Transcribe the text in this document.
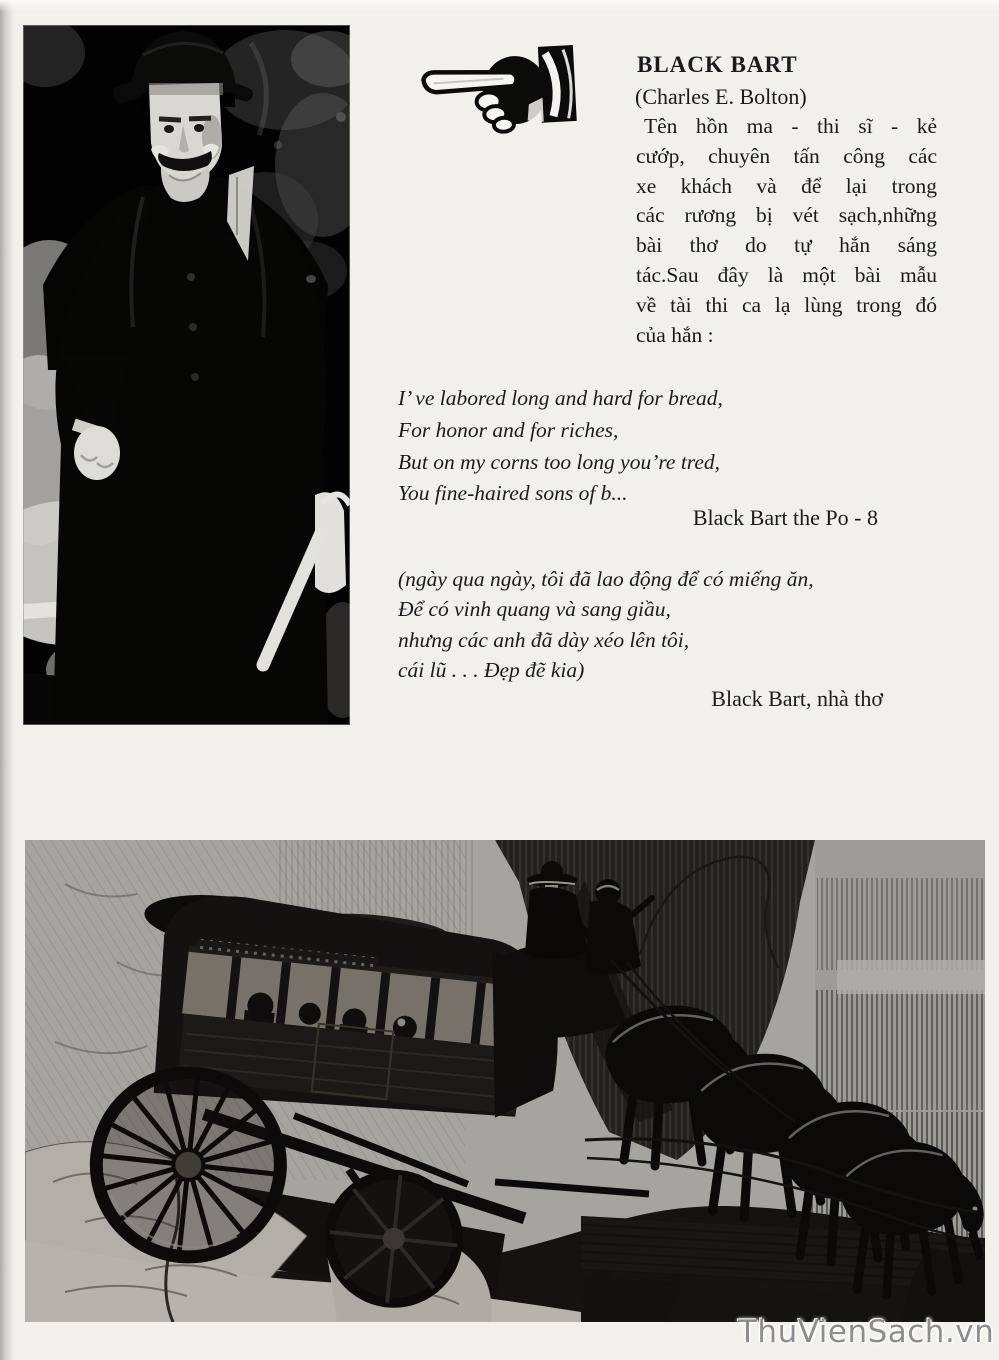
BLACK BART
(Charles E. Bolton)
Tên hồn ma - thi sĩ - kẻ
cướp, chuyên tấn công các
xe khách và để lại trong
các rương bị vét sạch,những
bài thơ do tự hắn sáng
tác.Sau đây là một bài mẫu
về tài thi ca lạ lùng trong đó
của hắn :
I’ ve labored long and hard for bread,
For honor and for riches,
But on my corns too long you’re tred,
You fine-haired sons of b...
Black Bart the Po - 8
(ngày qua ngày, tôi đã lao động để có miếng ăn,
Để có vinh quang và sang giầu,
nhưng các anh đã dày xéo lên tôi,
cái lũ . . . Đẹp đẽ kia)
Black Bart, nhà thơ
ThuVienSach.vn
